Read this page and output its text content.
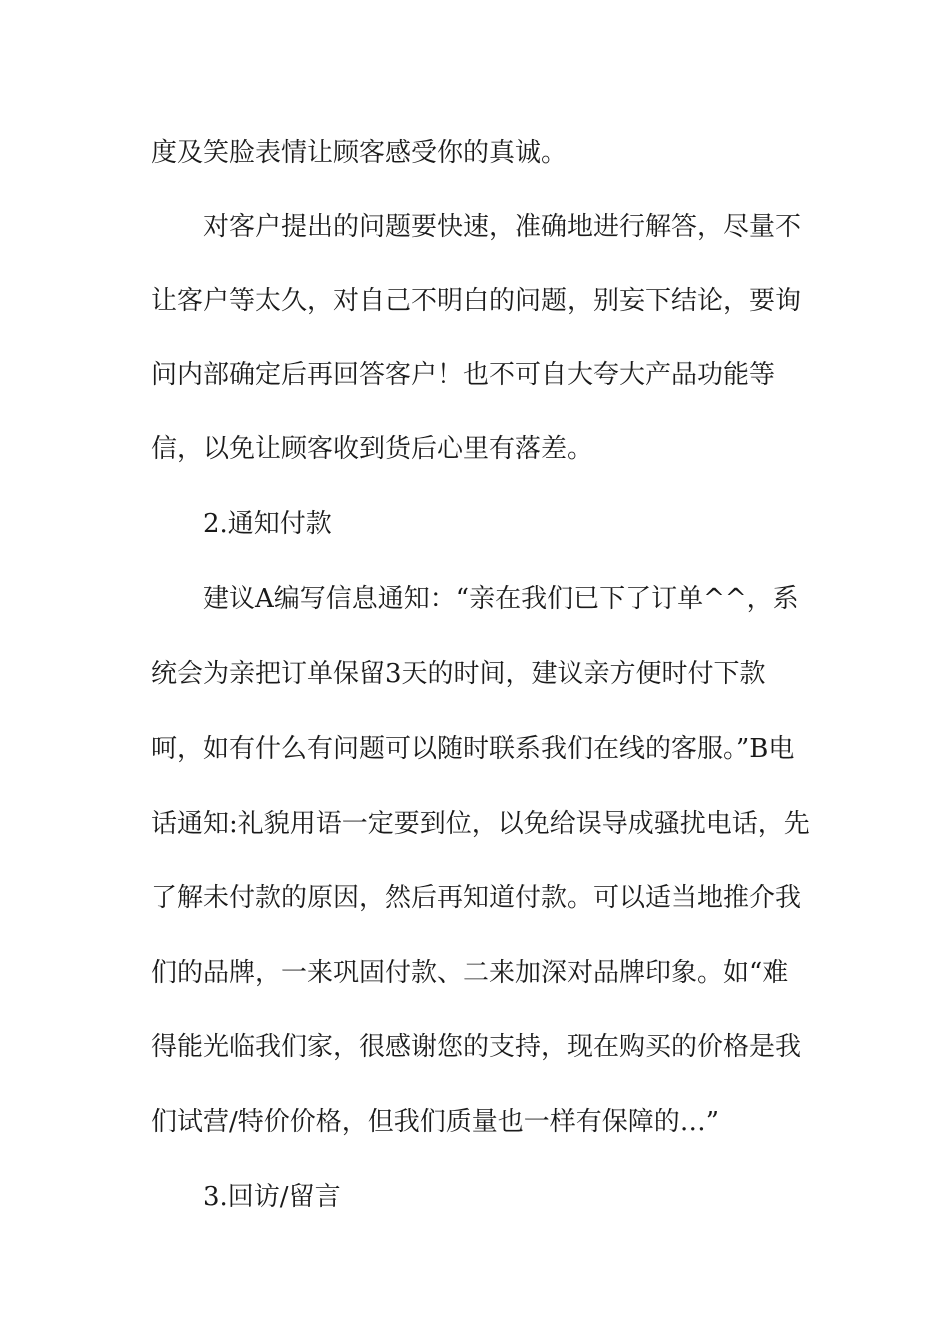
度及笑脸表情让顾客感受你的真诚。
对客户提出的问题要快速，准确地进行解答，尽量不
让客户等太久，对自己不明白的问题，别妄下结论，要询
问内部确定后再回答客户！也不可自大夸大产品功能等
信，以免让顾客收到货后心里有落差。
2.通知付款
建议A编写信息通知：“亲在我们已下了订单^^，系
统会为亲把订单保留3天的时间，建议亲方便时付下款
呵，如有什么有问题可以随时联系我们在线的客服。”B电
话通知:礼貌用语一定要到位，以免给误导成骚扰电话，先
了解未付款的原因，然后再知道付款。可以适当地推介我
们的品牌，一来巩固付款、二来加深对品牌印象。如“难
得能光临我们家，很感谢您的支持，现在购买的价格是我
们试营/特价价格，但我们质量也一样有保障的…”
3.回访/留言
